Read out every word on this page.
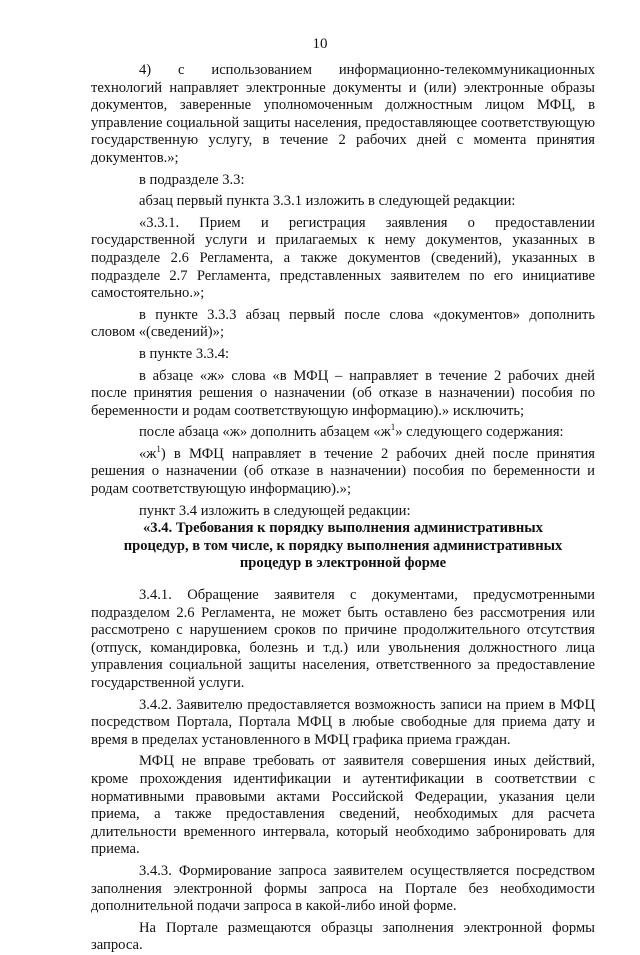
10

4) с использованием информационно-телекоммуникационных технологий направляет электронные документы и (или) электронные образы документов, заверенные уполномоченным должностным лицом МФЦ, в управление социальной защиты населения, предоставляющее соответствующую государственную услугу, в течение 2 рабочих дней с момента принятия документов.»;

в подразделе 3.3:

абзац первый пункта 3.3.1 изложить в следующей редакции:

«3.3.1. Прием и регистрация заявления о предоставлении государственной услуги и прилагаемых к нему документов, указанных в подразделе 2.6 Регламента, а также документов (сведений), указанных в подразделе 2.7 Регламента, представленных заявителем по его инициативе самостоятельно.»;

в пункте 3.3.3 абзац первый после слова «документов» дополнить словом «(сведений)»;

в пункте 3.3.4:

в абзаце «ж» слова «в МФЦ – направляет в течение 2 рабочих дней после принятия решения о назначении (об отказе в назначении) пособия по беременности и родам соответствующую информацию).» исключить;

после абзаца «ж» дополнить абзацем «$ж^1$» следующего содержания:

«$ж^1$) в МФЦ направляет в течение 2 рабочих дней после принятия решения о назначении (об отказе в назначении) пособия по беременности и родам соответствующую информацию).»;

пункт 3.4 изложить в следующей редакции:

«3.4. Требования к порядку выполнения административных процедур, в том числе, к порядку выполнения административных процедур в электронной форме

3.4.1. Обращение заявителя с документами, предусмотренными подразделом 2.6 Регламента, не может быть оставлено без рассмотрения или рассмотрено с нарушением сроков по причине продолжительного отсутствия (отпуск, командировка, болезнь и т.д.) или увольнения должностного лица управления социальной защиты населения, ответственного за предоставление государственной услуги.

3.4.2. Заявителю предоставляется возможность записи на прием в МФЦ посредством Портала, Портала МФЦ в любые свободные для приема дату и время в пределах установленного в МФЦ графика приема граждан.

МФЦ не вправе требовать от заявителя совершения иных действий, кроме прохождения идентификации и аутентификации в соответствии с нормативными правовыми актами Российской Федерации, указания цели приема, а также предоставления сведений, необходимых для расчета длительности временного интервала, который необходимо забронировать для приема.

3.4.3. Формирование запроса заявителем осуществляется посредством заполнения электронной формы запроса на Портале без необходимости дополнительной подачи запроса в какой-либо иной форме.

На Портале размещаются образцы заполнения электронной формы запроса.
